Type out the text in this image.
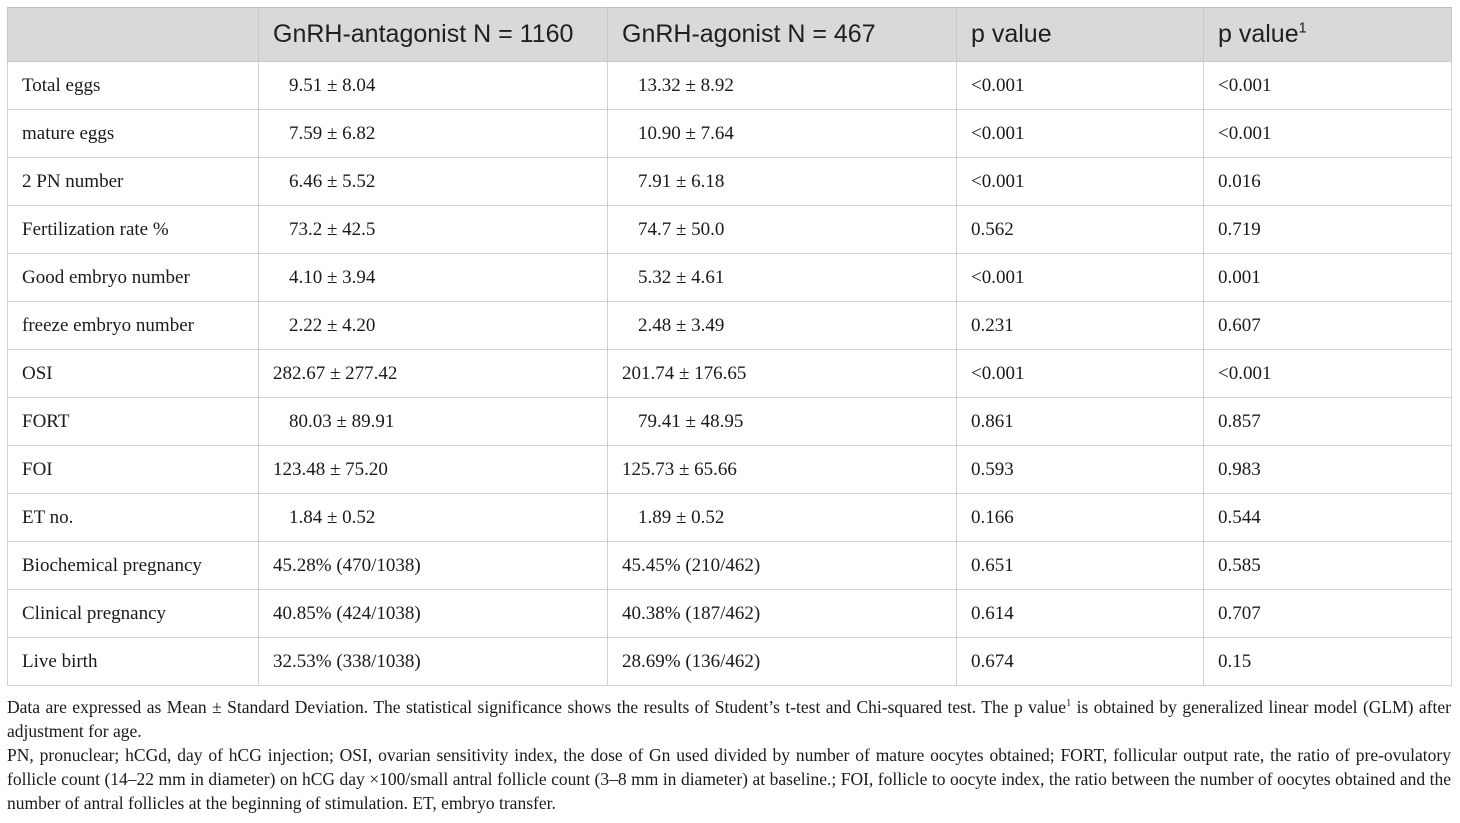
	GnRH-antagonist N = 1160	GnRH-agonist N = 467	p value	p value$^1$
Total eggs	9.51 ± 8.04	13.32 ± 8.92	<0.001	<0.001
mature eggs	7.59 ± 6.82	10.90 ± 7.64	<0.001	<0.001
2 PN number	6.46 ± 5.52	7.91 ± 6.18	<0.001	0.016
Fertilization rate %	73.2 ± 42.5	74.7 ± 50.0	0.562	0.719
Good embryo number	4.10 ± 3.94	5.32 ± 4.61	<0.001	0.001
freeze embryo number	2.22 ± 4.20	2.48 ± 3.49	0.231	0.607
OSI	282.67 ± 277.42	201.74 ± 176.65	<0.001	<0.001
FORT	80.03 ± 89.91	79.41 ± 48.95	0.861	0.857
FOI	123.48 ± 75.20	125.73 ± 65.66	0.593	0.983
ET no.	1.84 ± 0.52	1.89 ± 0.52	0.166	0.544
Biochemical pregnancy	45.28% (470/1038)	45.45% (210/462)	0.651	0.585
Clinical pregnancy	40.85% (424/1038)	40.38% (187/462)	0.614	0.707
Live birth	32.53% (338/1038)	28.69% (136/462)	0.674	0.15

Data are expressed as Mean ± Standard Deviation. The statistical significance shows the results of Student’s t-test and Chi-squared test. The p value$^1$ is obtained by generalized linear model (GLM) after adjustment for age.

PN, pronuclear; hCGd, day of hCG injection; OSI, ovarian sensitivity index, the dose of Gn used divided by number of mature oocytes obtained; FORT, follicular output rate, the ratio of pre-ovulatory follicle count (14–22 mm in diameter) on hCG day ×100/small antral follicle count (3–8 mm in diameter) at baseline.; FOI, follicle to oocyte index, the ratio between the number of oocytes obtained and the number of antral follicles at the beginning of stimulation. ET, embryo transfer.
